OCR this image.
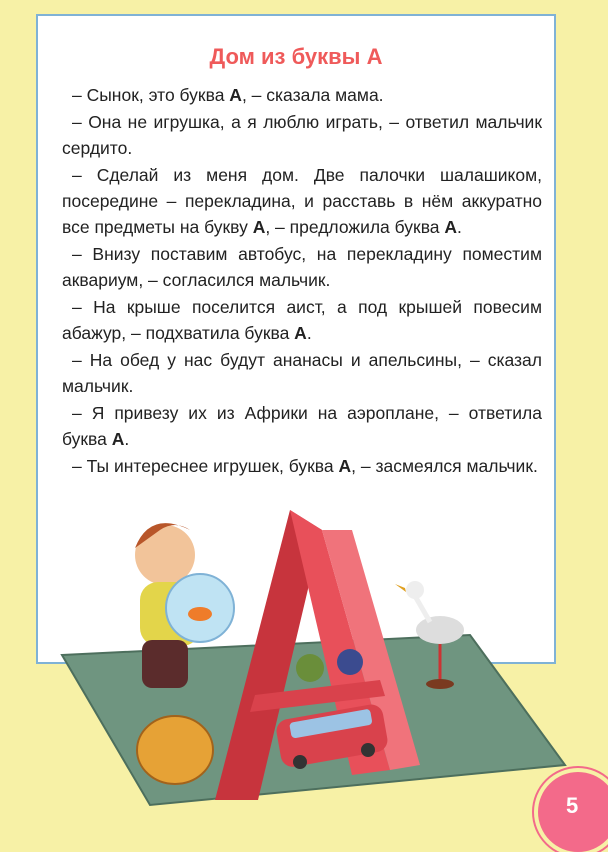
Дом из буквы А

– Сынок, это буква А, – сказала мама.

– Она не игрушка, а я люблю играть, – ответил мальчик сердито.

– Сделай из меня дом. Две палочки шалашиком, посередине – перекладина, и расставь в нём аккуратно все предметы на букву А, – предложила буква А.

– Внизу поставим автобус, на перекладину поместим аквариум, – согласился мальчик.

– На крыше поселится аист, а под крышей повесим абажур, – подхватила буква А.

– На обед у нас будут ананасы и апельсины, – сказал мальчик.

– Я привезу их из Африки на аэроплане, – ответила буква А.

– Ты интереснее игрушек, буква А, – засмеялся мальчик.

5
